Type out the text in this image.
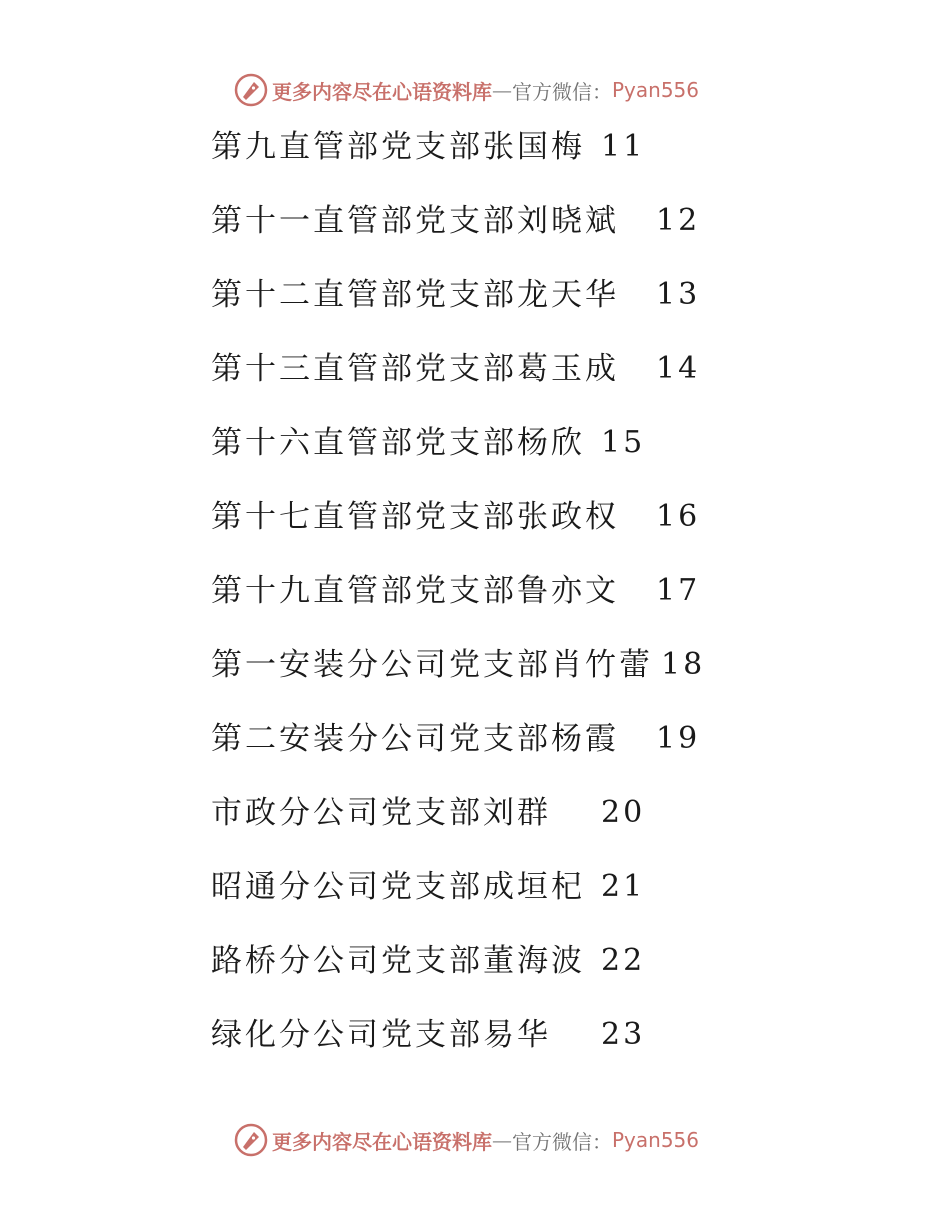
更多内容尽在心语资料库 — 官方微信： Pyan556
第九直管部党支部张国梅 11
第十一直管部党支部刘晓斌 12
第十二直管部党支部龙天华 13
第十三直管部党支部葛玉成 14
第十六直管部党支部杨欣 15
第十七直管部党支部张政权 16
第十九直管部党支部鲁亦文 17
第一安装分公司党支部肖竹蕾 18
第二安装分公司党支部杨霞 19
市政分公司党支部刘群 20
昭通分公司党支部成垣杞 21
路桥分公司党支部董海波 22
绿化分公司党支部易华 23
更多内容尽在心语资料库 — 官方微信： Pyan556
